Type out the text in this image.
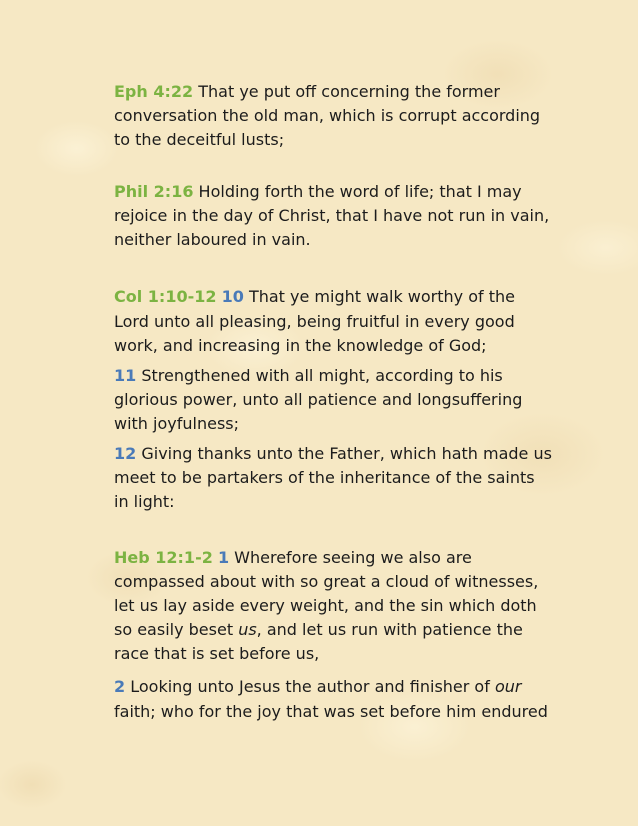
Eph 4:22 That ye put off concerning the former

conversation the old man, which is corrupt according

to the deceitful lusts;

Phil 2:16 Holding forth the word of life; that I may

rejoice in the day of Christ, that I have not run in vain,

neither laboured in vain.

Col 1:10-12 10 That ye might walk worthy of the

Lord unto all pleasing, being fruitful in every good

work, and increasing in the knowledge of God;

11 Strengthened with all might, according to his

glorious power, unto all patience and longsuffering

with joyfulness;

12 Giving thanks unto the Father, which hath made us

meet to be partakers of the inheritance of the saints

in light:

Heb 12:1-2 1 Wherefore seeing we also are

compassed about with so great a cloud of witnesses,

let us lay aside every weight, and the sin which doth

so easily beset us, and let us run with patience the

race that is set before us,

2 Looking unto Jesus the author and finisher of our

faith; who for the joy that was set before him endured
